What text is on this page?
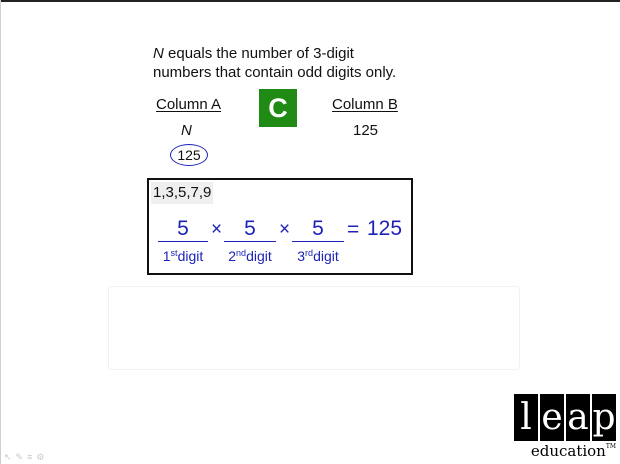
N equals the number of 3-digit
numbers that contain odd digits only.
Column A	Column B
C
N	125
125
1,3,5,7,9
5
1stdigit
×	5
2nddigit
×	5
3rddigit
= 125
l e a p
education™
↖ ✎ ≡ ⚙
